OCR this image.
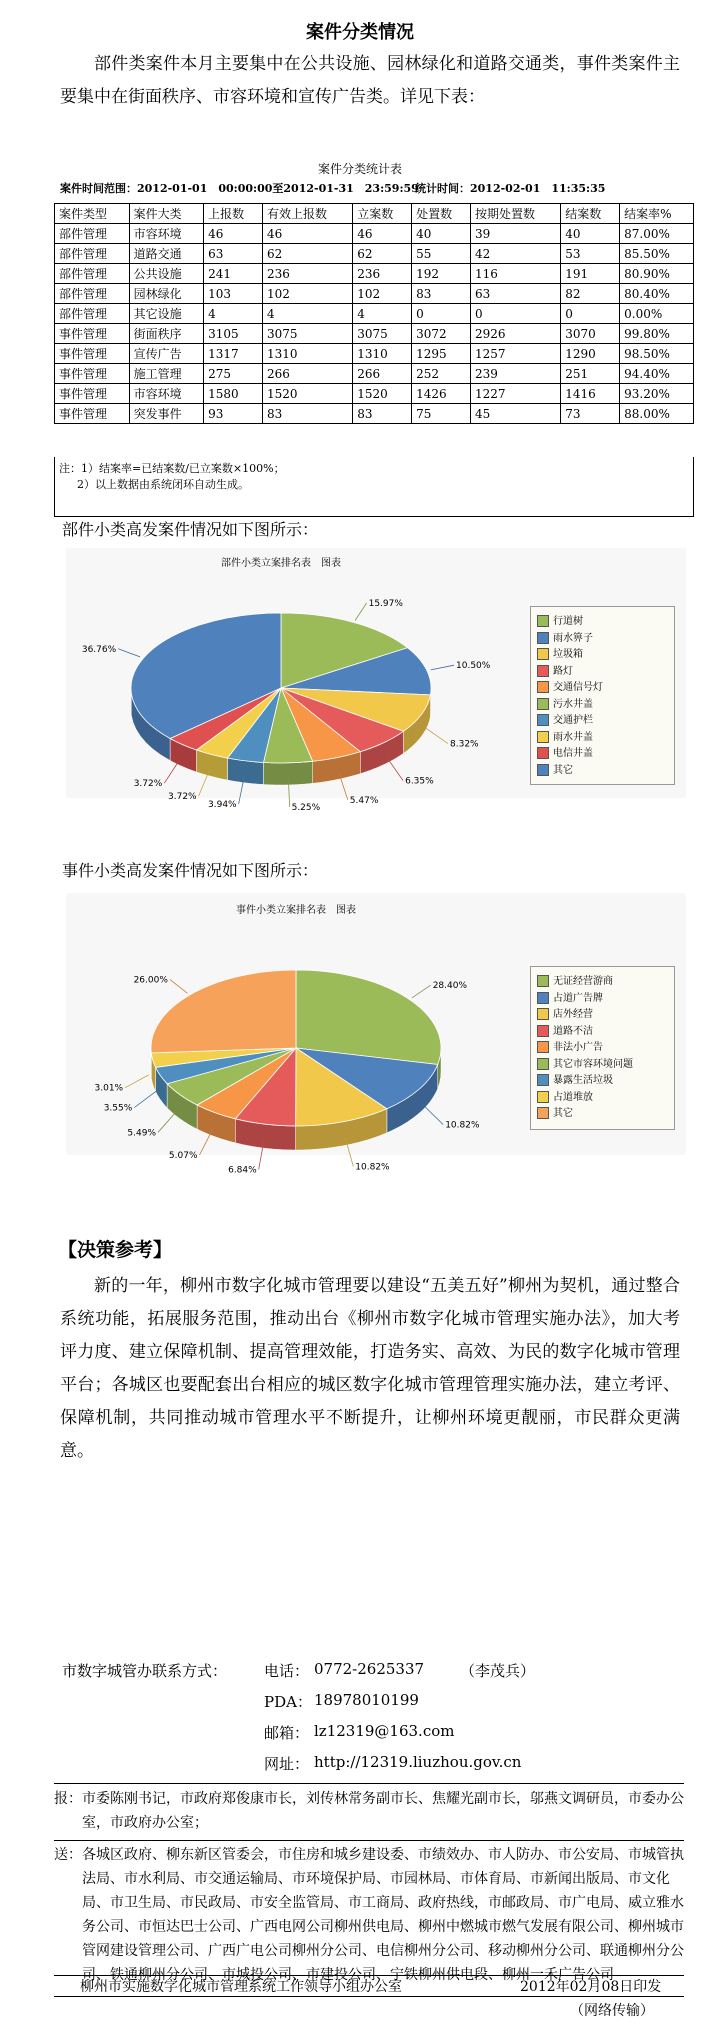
案件分类情况

部件类案件本月主要集中在公共设施、园林绿化和道路交通类，事件类案件主要集中在街面秩序、市容环境和宣传广告类。详见下表：

案件分类统计表
案件时间范围：2012-01-01　00:00:00至2012-01-31　23:59:59
统计时间：2012-02-01　11:35:35
案件类型	案件大类	上报数	有效上报数	立案数	处置数	按期处置数	结案数	结案率%
部件管理	市容环境	46	46	46	40	39	40	87.00%
部件管理	道路交通	63	62	62	55	42	53	85.50%
部件管理	公共设施	241	236	236	192	116	191	80.90%
部件管理	园林绿化	103	102	102	83	63	82	80.40%
部件管理	其它设施	4	4	4	0	0	0	0.00%
事件管理	街面秩序	3105	3075	3075	3072	2926	3070	99.80%
事件管理	宣传广告	1317	1310	1310	1295	1257	1290	98.50%
事件管理	施工管理	275	266	266	252	239	251	94.40%
事件管理	市容环境	1580	1520	1520	1426	1227	1416	93.20%
事件管理	突发事件	93	83	83	75	45	73	88.00%
注：1）结案率=已结案数/已立案数×100%；
2）以上数据由系统闭环自动生成。
部件小类高发案件情况如下图所示：
部件小类立案排名表　图表
15.97%
10.50%
8.32%
6.35%
5.47%
5.25%
3.94%
3.72%
3.72%
36.76%
行道树
雨水箅子
垃圾箱
路灯
交通信号灯
污水井盖
交通护栏
雨水井盖
电信井盖
其它
事件小类高发案件情况如下图所示：
事件小类立案排名表　图表
28.40%
10.82%
10.82%
6.84%
5.07%
5.49%
3.55%
3.01%
26.00%	无证经营游商
占道广告牌
店外经营
道路不洁
非法小广告
其它市容环境问题
暴露生活垃圾
占道堆放
其它
【决策参考】

新的一年，柳州市数字化城市管理要以建设“五美五好”柳州为契机，通过整合系统功能，拓展服务范围，推动出台《柳州市数字化城市管理实施办法》，加大考评力度、建立保障机制、提高管理效能，打造务实、高效、为民的数字化城市管理平台；各城区也要配套出台相应的城区数字化城市管理管理实施办法，建立考评、保障机制，共同推动城市管理水平不断提升，让柳州环境更靓丽，市民群众更满意。

市数字城管办联系方式： 电话： 0772-2625337 （李茂兵）
PDA： 18978010199
邮箱： lz12319@163.com
网址： http://12319.liuzhou.gov.cn
报： 市委陈刚书记，市政府郑俊康市长，刘传林常务副市长、焦耀光副市长，邬燕文调研员，市委办公室，市政府办公室；
送： 各城区政府、柳东新区管委会，市住房和城乡建设委、市绩效办、市人防办、市公安局、市城管执法局、市水利局、市交通运输局、市环境保护局、市园林局、市体育局、市新闻出版局、市文化局、市卫生局、市民政局、市安全监管局、市工商局、政府热线，市邮政局、市广电局、威立雅水务公司、市恒达巴士公司、广西电网公司柳州供电局、柳州中燃城市燃气发展有限公司、柳州城市管网建设管理公司、广西广电公司柳州分公司、电信柳州分公司、移动柳州分公司、联通柳州分公司、铁通柳州分公司、市城投公司、市建投公司、宁铁柳州供电段、柳州一禾广告公司
柳州市实施数字化城市管理系统工作领导小组办公室	2012年02月08日印发
（网络传输）
